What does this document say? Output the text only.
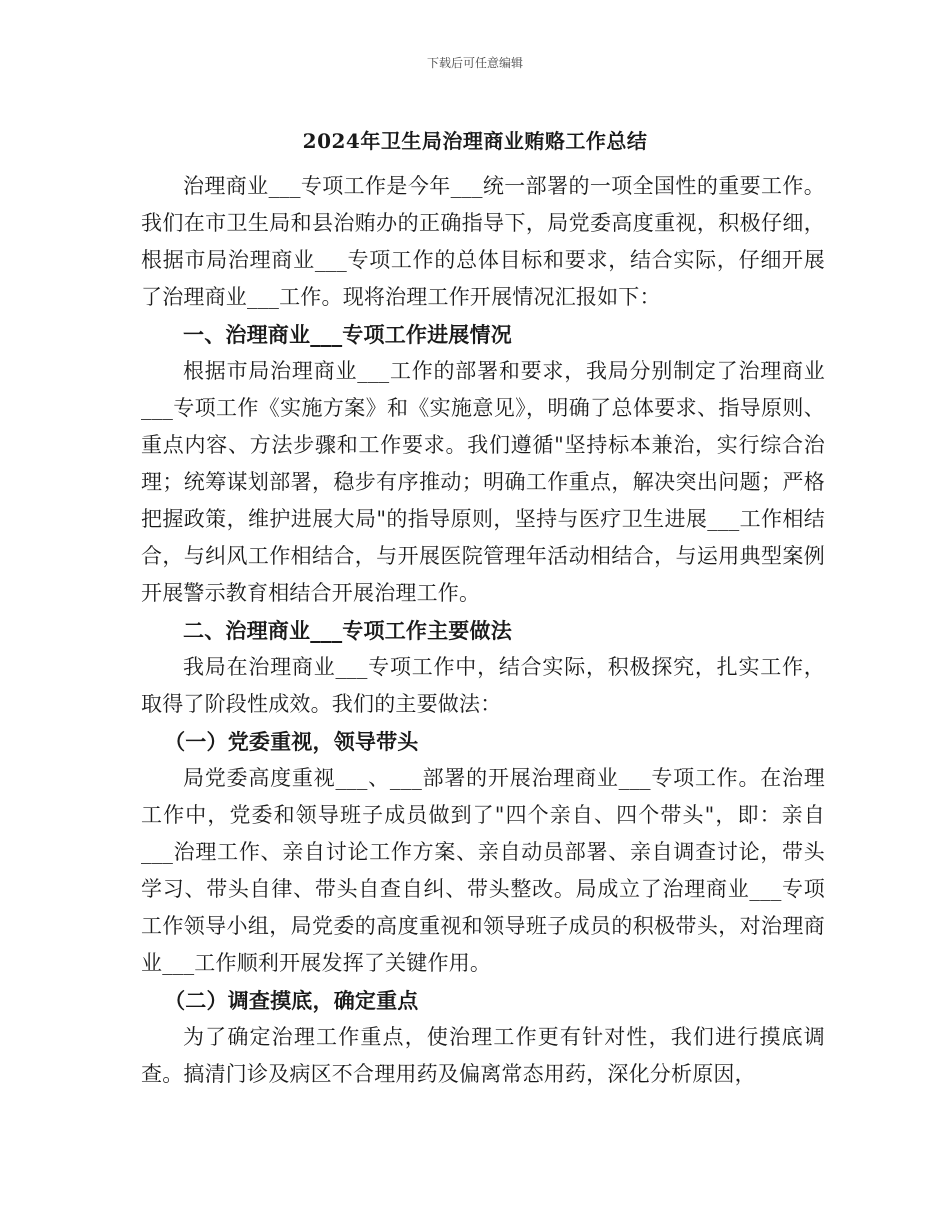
下载后可任意编辑
2024年卫生局治理商业贿赂工作总结

治理商业___专项工作是今年___统一部署的一项全国性的重要工作。我们在市卫生局和县治贿办的正确指导下，局党委高度重视，积极仔细，根据市局治理商业___专项工作的总体目标和要求，结合实际，仔细开展了治理商业___工作。现将治理工作开展情况汇报如下：

一、治理商业___专项工作进展情况

根据市局治理商业___工作的部署和要求，我局分别制定了治理商业___专项工作《实施方案》和《实施意见》，明确了总体要求、指导原则、重点内容、方法步骤和工作要求。我们遵循"坚持标本兼治，实行综合治理；统筹谋划部署，稳步有序推动；明确工作重点，解决突出问题；严格把握政策，维护进展大局"的指导原则，坚持与医疗卫生进展___工作相结合，与纠风工作相结合，与开展医院管理年活动相结合，与运用典型案例开展警示教育相结合开展治理工作。

二、治理商业___专项工作主要做法

我局在治理商业___专项工作中，结合实际，积极探究，扎实工作，取得了阶段性成效。我们的主要做法：

（一）党委重视，领导带头

局党委高度重视___、___部署的开展治理商业___专项工作。在治理工作中，党委和领导班子成员做到了"四个亲自、四个带头"，即：亲自___治理工作、亲自讨论工作方案、亲自动员部署、亲自调查讨论，带头学习、带头自律、带头自查自纠、带头整改。局成立了治理商业___专项工作领导小组，局党委的高度重视和领导班子成员的积极带头，对治理商业___工作顺利开展发挥了关键作用。

（二）调查摸底，确定重点

为了确定治理工作重点，使治理工作更有针对性，我们进行摸底调查。搞清门诊及病区不合理用药及偏离常态用药，深化分析原因，
